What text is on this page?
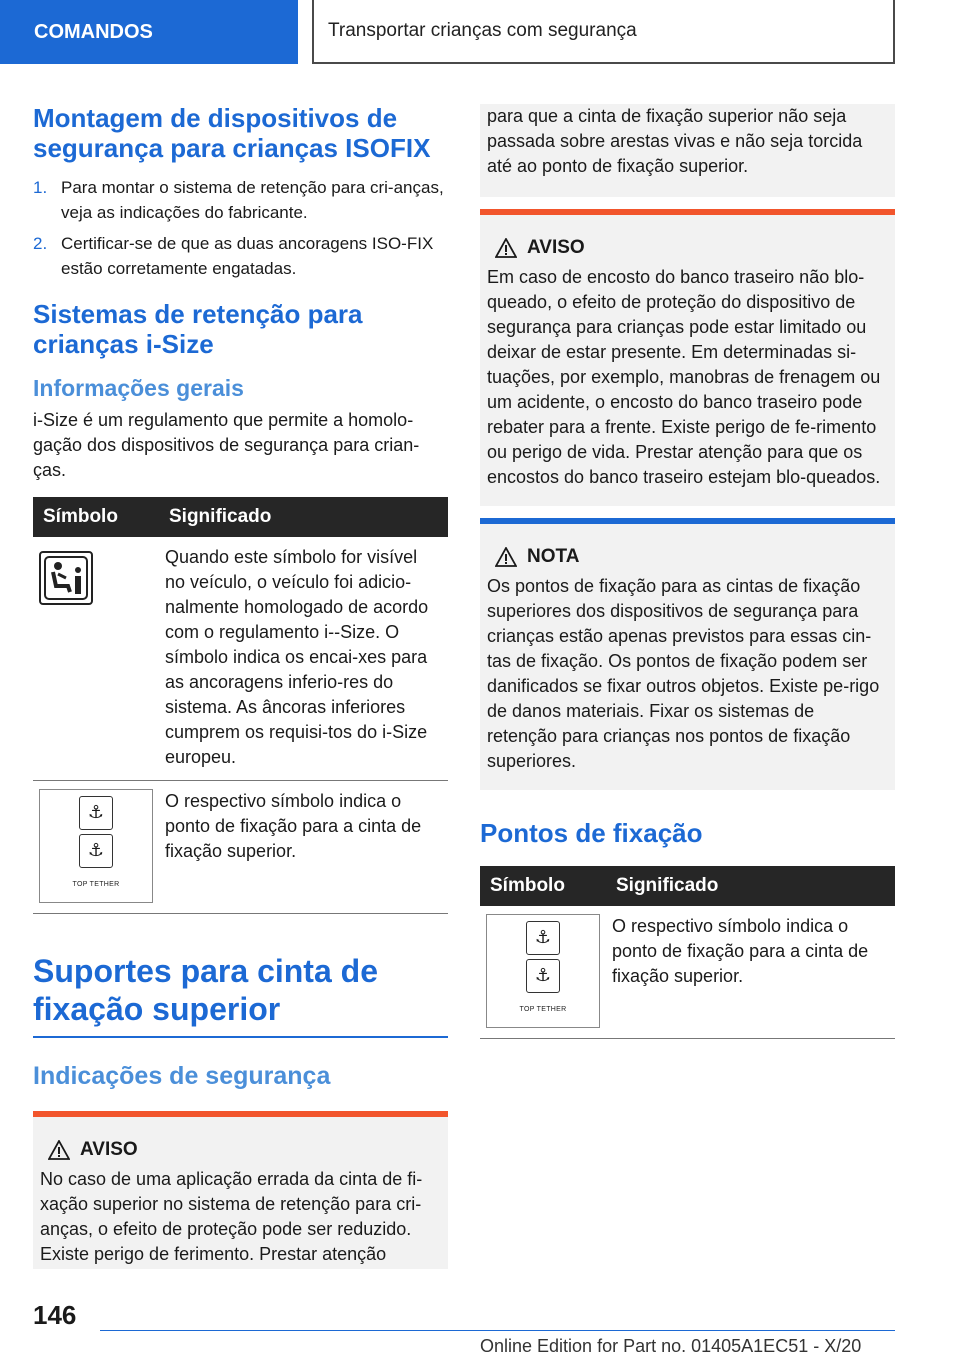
COMANDOS	Transportar crianças com segurança
Montagem de dispositivos de segurança para crianças ISOFIX
1. Para montar o sistema de retenção para cri-anças, veja as indicações do fabricante.
2. Certificar-se de que as duas ancoragens ISO-FIX estão corretamente engatadas.
Sistemas de retenção para crianças i-Size
Informações gerais

i-Size é um regulamento que permite a homolo-gação dos dispositivos de segurança para crian-ças.

Símbolo	Significado

	Quando este símbolo for visível no veículo, o veículo foi adicio-nalmente homologado de acordo com o regulamento i--Size. O símbolo indica os encai-xes para as ancoragens inferio-res do sistema. As âncoras inferiores cumprem os requisi-tos do i-Size europeu.

⚓
⚓
TOP TETHER	O respectivo símbolo indica o ponto de fixação para a cinta de fixação superior.
Suportes para cinta de fixação superior
Indicações de segurança
AVISO
No caso de uma aplicação errada da cinta de fi-xação superior no sistema de retenção para cri-anças, o efeito de proteção pode ser reduzido. Existe perigo de ferimento. Prestar atenção
para que a cinta de fixação superior não seja passada sobre arestas vivas e não seja torcida até ao ponto de fixação superior.
AVISO
Em caso de encosto do banco traseiro não blo-queado, o efeito de proteção do dispositivo de segurança para crianças pode estar limitado ou deixar de estar presente. Em determinadas si-tuações, por exemplo, manobras de frenagem ou um acidente, o encosto do banco traseiro pode rebater para a frente. Existe perigo de fe-rimento ou perigo de vida. Prestar atenção para que os encostos do banco traseiro estejam blo-queados.
NOTA
Os pontos de fixação para as cintas de fixação superiores dos dispositivos de segurança para crianças estão apenas previstos para essas cin-tas de fixação. Os pontos de fixação podem ser danificados se fixar outros objetos. Existe pe-rigo de danos materiais. Fixar os sistemas de retenção para crianças nos pontos de fixação superiores.
Pontos de fixação
Símbolo	Significado

⚓
⚓
TOP TETHER	O respectivo símbolo indica o ponto de fixação para a cinta de fixação superior.
146
Online Edition for Part no. 01405A1EC51 - X/20
